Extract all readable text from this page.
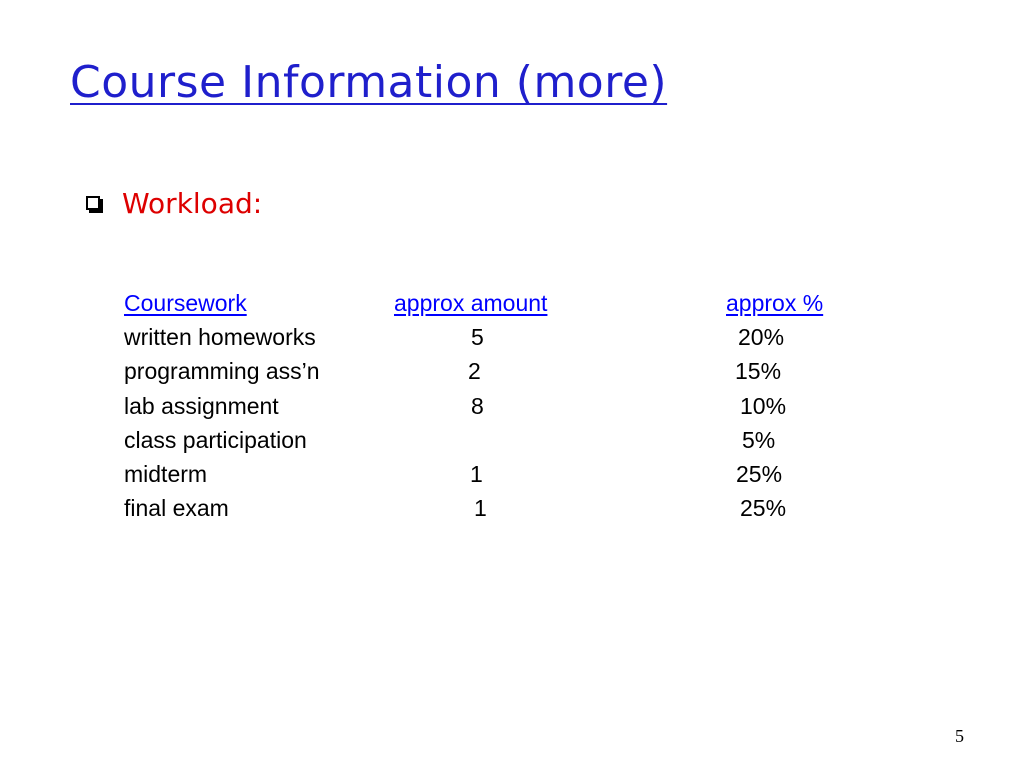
Course Information (more)
Workload:
Coursework	approx amount	approx %
written homeworks	5	20%
programming ass’n	2	15%
lab assignment	8	10%
class participation		5%
midterm	1	25%
final exam	1	25%
5
